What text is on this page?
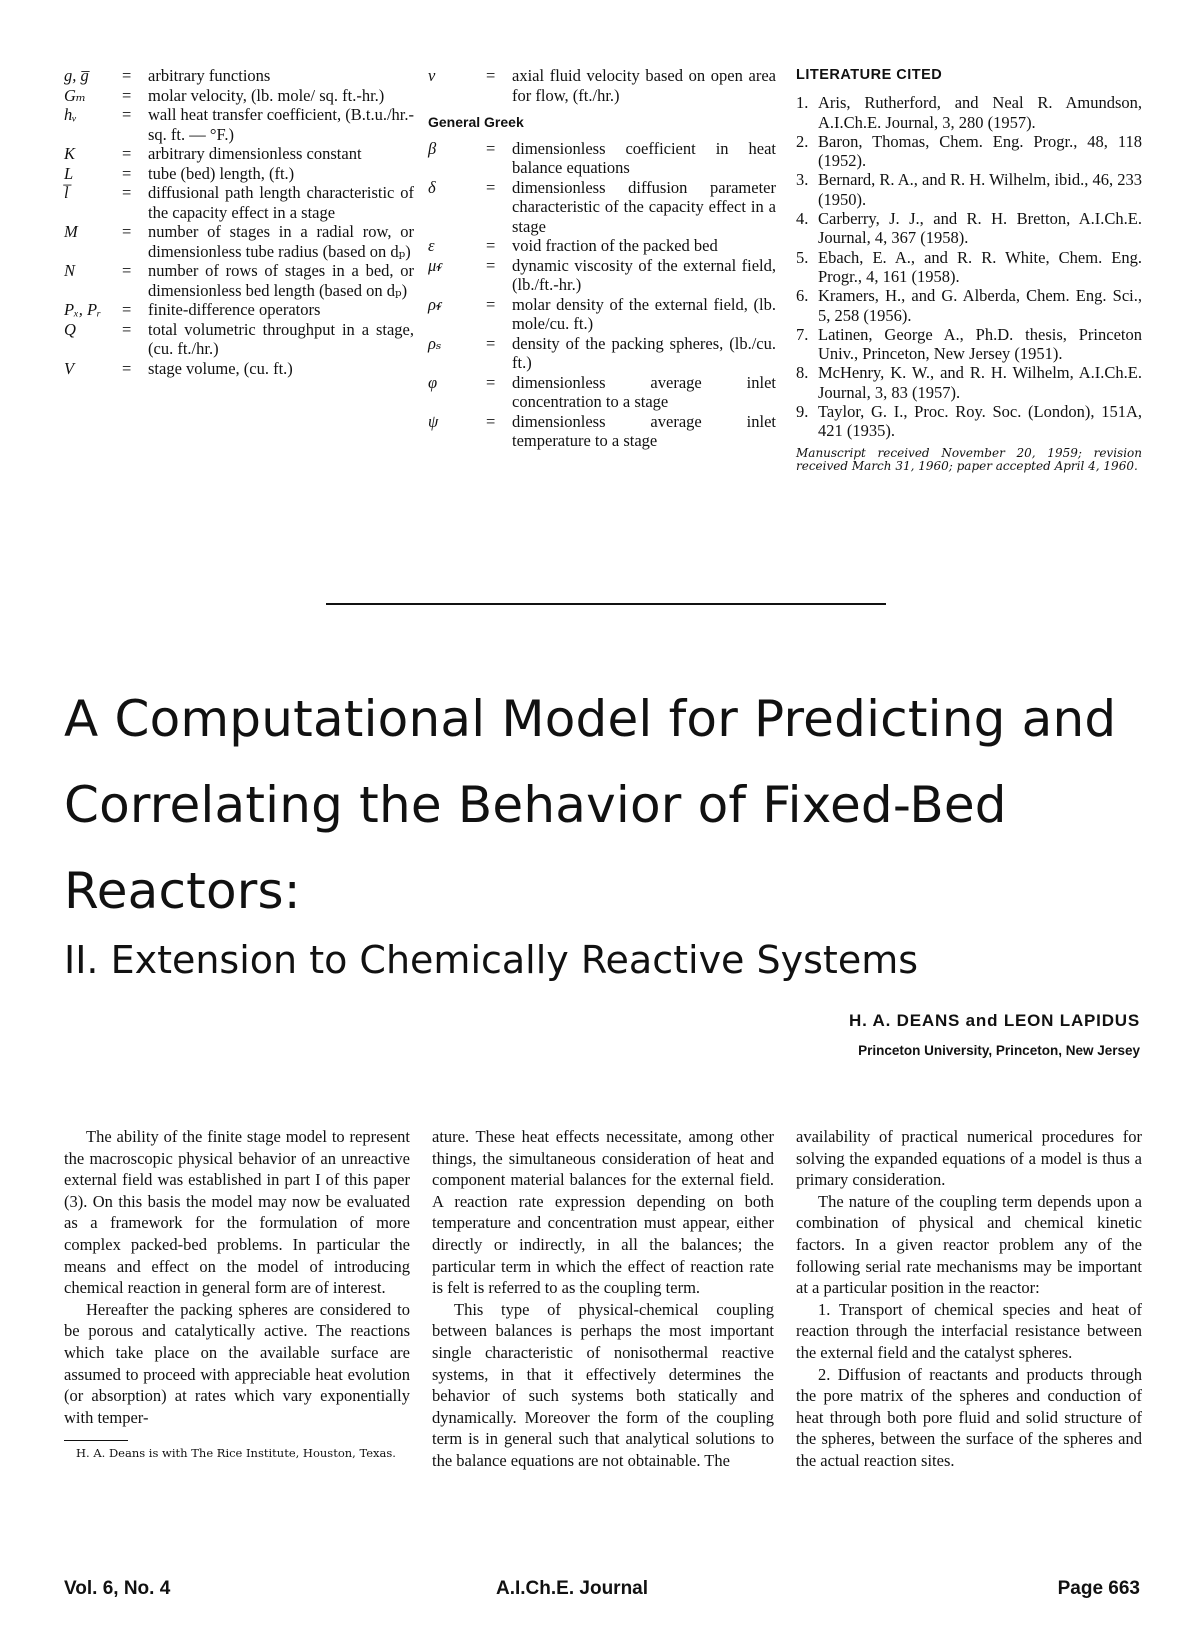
g, g̅	=	arbitrary functions
Gₘ	=	molar velocity, (lb. mole/ sq. ft.-hr.)
hᵥ	=	wall heat transfer coefficient, (B.t.u./hr.-sq. ft. — °F.)
K	=	arbitrary dimensionless constant
L	=	tube (bed) length, (ft.)
l̅	=	diffusional path length characteristic of the capacity effect in a stage
M	=	number of stages in a radial row, or dimensionless tube radius (based on dₚ)
N	=	number of rows of stages in a bed, or dimensionless bed length (based on dₚ)
Pₓ, Pᵣ	=	finite-difference operators
Q	=	total volumetric throughput in a stage, (cu. ft./hr.)
V	=	stage volume, (cu. ft.)
v	=	axial fluid velocity based on open area for flow, (ft./hr.)
General Greek
β	=	dimensionless coefficient in heat balance equations
δ	=	dimensionless diffusion parameter characteristic of the capacity effect in a stage
ε	=	void fraction of the packed bed
μᵳ	=	dynamic viscosity of the external field, (lb./ft.-hr.)
ρᵳ	=	molar density of the external field, (lb. mole/cu. ft.)
ρₛ	=	density of the packing spheres, (lb./cu. ft.)
φ	=	dimensionless average inlet concentration to a stage
ψ	=	dimensionless average inlet temperature to a stage
LITERATURE CITED
1. Aris, Rutherford, and Neal R. Amundson, A.I.Ch.E. Journal, 3, 280 (1957).
2. Baron, Thomas, Chem. Eng. Progr., 48, 118 (1952).
3. Bernard, R. A., and R. H. Wilhelm, ibid., 46, 233 (1950).
4. Carberry, J. J., and R. H. Bretton, A.I.Ch.E. Journal, 4, 367 (1958).
5. Ebach, E. A., and R. R. White, Chem. Eng. Progr., 4, 161 (1958).
6. Kramers, H., and G. Alberda, Chem. Eng. Sci., 5, 258 (1956).
7. Latinen, George A., Ph.D. thesis, Princeton Univ., Princeton, New Jersey (1951).
8. McHenry, K. W., and R. H. Wilhelm, A.I.Ch.E. Journal, 3, 83 (1957).
9. Taylor, G. I., Proc. Roy. Soc. (London), 151A, 421 (1935).
Manuscript received November 20, 1959; revision received March 31, 1960; paper accepted April 4, 1960.
A Computational Model for Predicting and
Correlating the Behavior of Fixed-Bed
Reactors:
II. Extension to Chemically Reactive Systems
H. A. DEANS and LEON LAPIDUS
Princeton University, Princeton, New Jersey

The ability of the finite stage model to represent the macroscopic physical behavior of an unreactive external field was established in part I of this paper (3). On this basis the model may now be evaluated as a framework for the formulation of more complex packed-bed problems. In particular the means and effect on the model of introducing chemical reaction in general form are of interest.

Hereafter the packing spheres are considered to be porous and catalytically active. The reactions which take place on the available surface are assumed to proceed with appreciable heat evolution (or absorption) at rates which vary exponentially with temper-

H. A. Deans is with The Rice Institute, Houston, Texas.

ature. These heat effects necessitate, among other things, the simultaneous consideration of heat and component material balances for the external field. A reaction rate expression depending on both temperature and concentration must appear, either directly or indirectly, in all the balances; the particular term in which the effect of reaction rate is felt is referred to as the coupling term.

This type of physical-chemical coupling between balances is perhaps the most important single characteristic of nonisothermal reactive systems, in that it effectively determines the behavior of such systems both statically and dynamically. Moreover the form of the coupling term is in general such that analytical solutions to the balance equations are not obtainable. The

availability of practical numerical procedures for solving the expanded equations of a model is thus a primary consideration.

The nature of the coupling term depends upon a combination of physical and chemical kinetic factors. In a given reactor problem any of the following serial rate mechanisms may be important at a particular position in the reactor:

1. Transport of chemical species and heat of reaction through the interfacial resistance between the external field and the catalyst spheres.

2. Diffusion of reactants and products through the pore matrix of the spheres and conduction of heat through both pore fluid and solid structure of the spheres, between the surface of the spheres and the actual reaction sites.

Vol. 6, No. 4	A.I.Ch.E. Journal	Page 663
